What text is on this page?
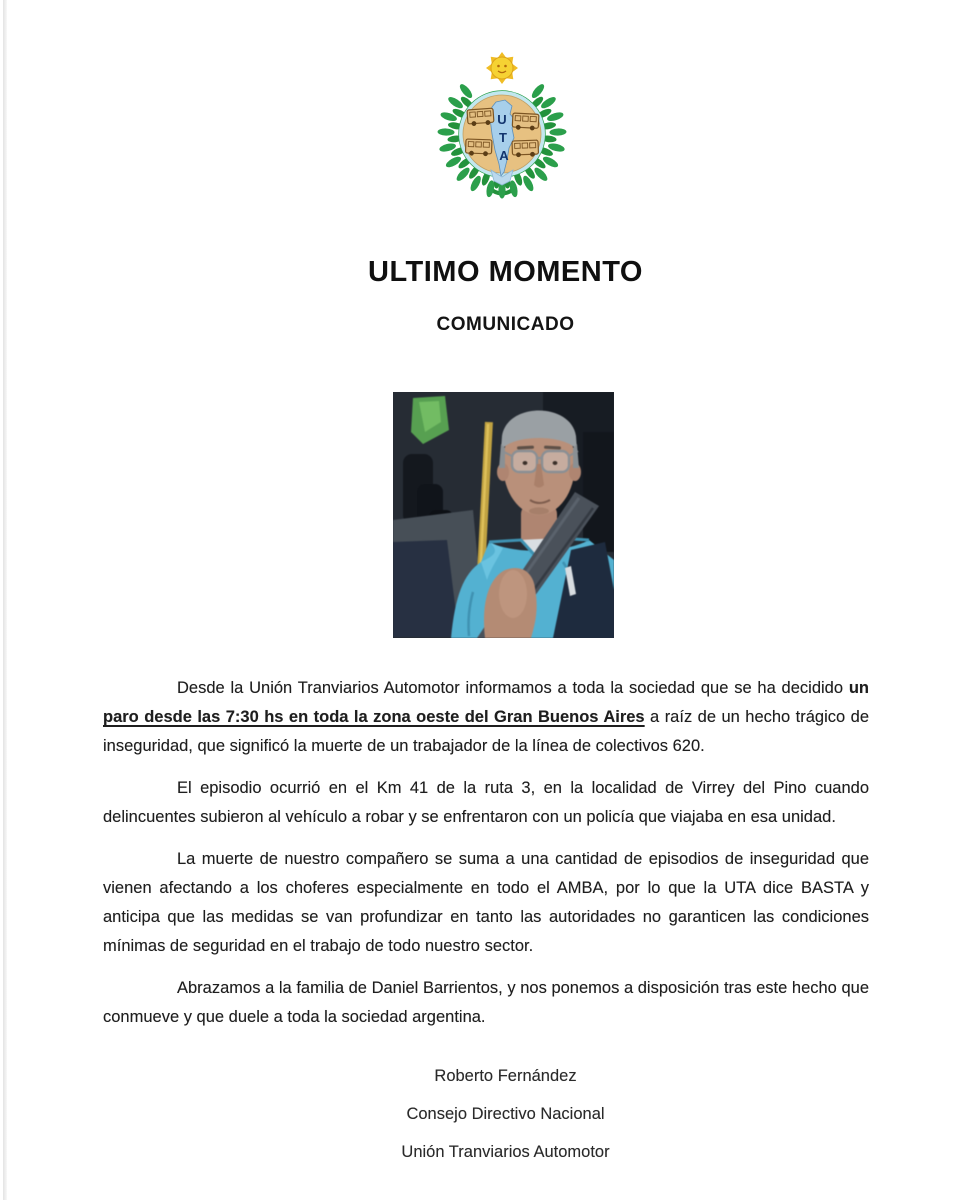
U
T
A
ULTIMO MOMENTO
COMUNICADO

Desde la Unión Tranviarios Automotor informamos a toda la sociedad que se ha decidido un paro desde las 7:30 hs en toda la zona oeste del Gran Buenos Aires a raíz de un hecho trágico de inseguridad, que significó la muerte de un trabajador de la línea de colectivos 620.

El episodio ocurrió en el Km 41 de la ruta 3, en la localidad de Virrey del Pino cuando delincuentes subieron al vehículo a robar y se enfrentaron con un policía que viajaba en esa unidad.

La muerte de nuestro compañero se suma a una cantidad de episodios de inseguridad que vienen afectando a los choferes especialmente en todo el AMBA, por lo que la UTA dice BASTA y anticipa que las medidas se van profundizar en tanto las autoridades no garanticen las condiciones mínimas de seguridad en el trabajo de todo nuestro sector.

Abrazamos a la familia de Daniel Barrientos, y nos ponemos a disposición tras este hecho que conmueve y que duele a toda la sociedad argentina.

Roberto Fernández

Consejo Directivo Nacional

Unión Tranviarios Automotor
